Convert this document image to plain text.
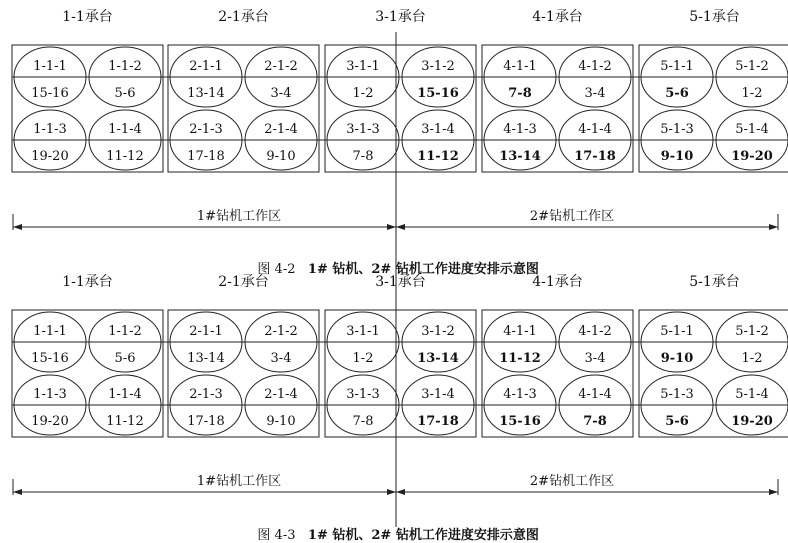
1-1承台	2-1承台	3-1承台	4-1承台	5-1承台
1-1-1
15-16
1-1-2
5-6
1-1-3
19-20
1-1-4
11-12
2-1-1
13-14
2-1-2
3-4
2-1-3
17-18
2-1-4
9-10
3-1-1
1-2
3-1-2
15-16
3-1-3
7-8
3-1-4
11-12
4-1-1
7-8
4-1-2
3-4
4-1-3
13-14
4-1-4
17-18
5-1-1
5-6
5-1-2
1-2
5-1-3
9-10
5-1-4
19-20
1#钻机工作区	2#钻机工作区
1-1承台	2-1承台	3-1承台	4-1承台	5-1承台
1-1-1
15-16
1-1-2
5-6
1-1-3
19-20
1-1-4
11-12
2-1-1
13-14
2-1-2
3-4
2-1-3
17-18
2-1-4
9-10
3-1-1
1-2
3-1-2
13-14
3-1-3
7-8
3-1-4
17-18
4-1-1
11-12
4-1-2
3-4
4-1-3
15-16
4-1-4
7-8
5-1-1
9-10
5-1-2
1-2
5-1-3
5-6
5-1-4
19-20
1#钻机工作区	2#钻机工作区

图 4-2 1# 钻机、2# 钻机工作进度安排示意图

图 4-3 1# 钻机、2# 钻机工作进度安排示意图
